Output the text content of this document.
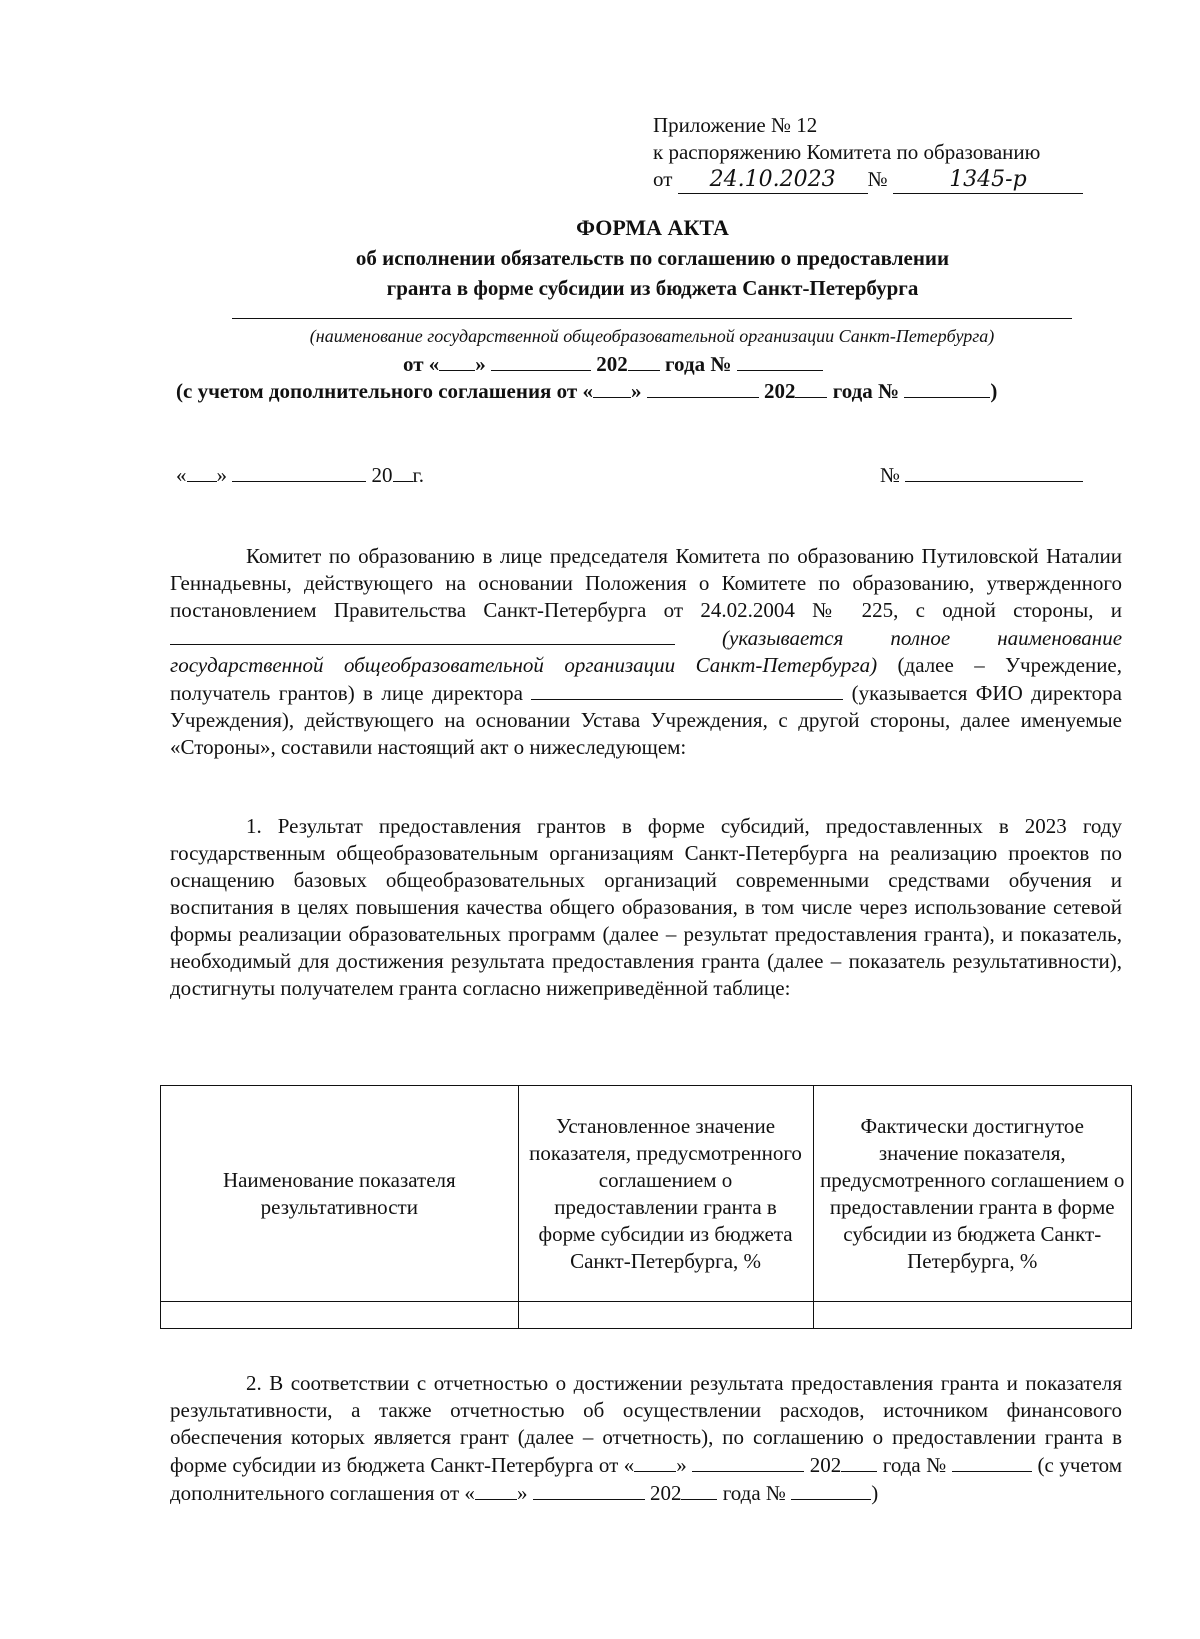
Приложение № 12
к распоряжению Комитета по образованию
от 24.10.2023 №	1345-р
ФОРМА АКТА
об исполнении обязательств по соглашению о предоставлении
гранта в форме субсидии из бюджета Санкт-Петербурга
(наименование государственной общеобразовательной организации Санкт-Петербурга)
от « »	202 года №
(с учетом дополнительного соглашения от « »	202 года №	)
« »	20 г.	№

Комитет по образованию в лице председателя Комитета по образованию Путиловской Наталии Геннадьевны, действующего на основании Положения о Комитете по образованию, утвержденного постановлением Правительства Санкт-Петербурга от 24.02.2004 № 225, с одной стороны, и  (указывается полное наименование государственной общеобразовательной организации Санкт-Петербурга) (далее – Учреждение, получатель грантов) в лице директора	(указывается ФИО директора Учреждения), действующего на основании Устава Учреждения, с другой стороны, далее именуемые «Стороны», составили настоящий акт о нижеследующем:

1. Результат предоставления грантов в форме субсидий, предоставленных в 2023 году государственным общеобразовательным организациям Санкт-Петербурга на реализацию проектов по оснащению базовых общеобразовательных организаций современными средствами обучения и воспитания в целях повышения качества общего образования, в том числе через использование сетевой формы реализации образовательных программ (далее – результат предоставления гранта), и показатель, необходимый для достижения результата предоставления гранта (далее – показатель результативности), достигнуты получателем гранта согласно нижеприведённой таблице:

Наименование показателя результативности	Установленное значение показателя, предусмотренного соглашением о предоставлении гранта в форме субсидии из бюджета Санкт-Петербурга, %	Фактически достигнутое значение показателя, предусмотренного соглашением о предоставлении гранта в форме субсидии из бюджета Санкт-Петербурга, %

2. В соответствии с отчетностью о достижении результата предоставления гранта и показателя результативности, а также отчетностью об осуществлении расходов, источником финансового обеспечения которых является грант (далее – отчетность), по соглашению о предоставлении гранта в форме субсидии из бюджета Санкт-Петербурга от « »	202 года №	(с учетом дополнительного соглашения от « »	202 года №	)
